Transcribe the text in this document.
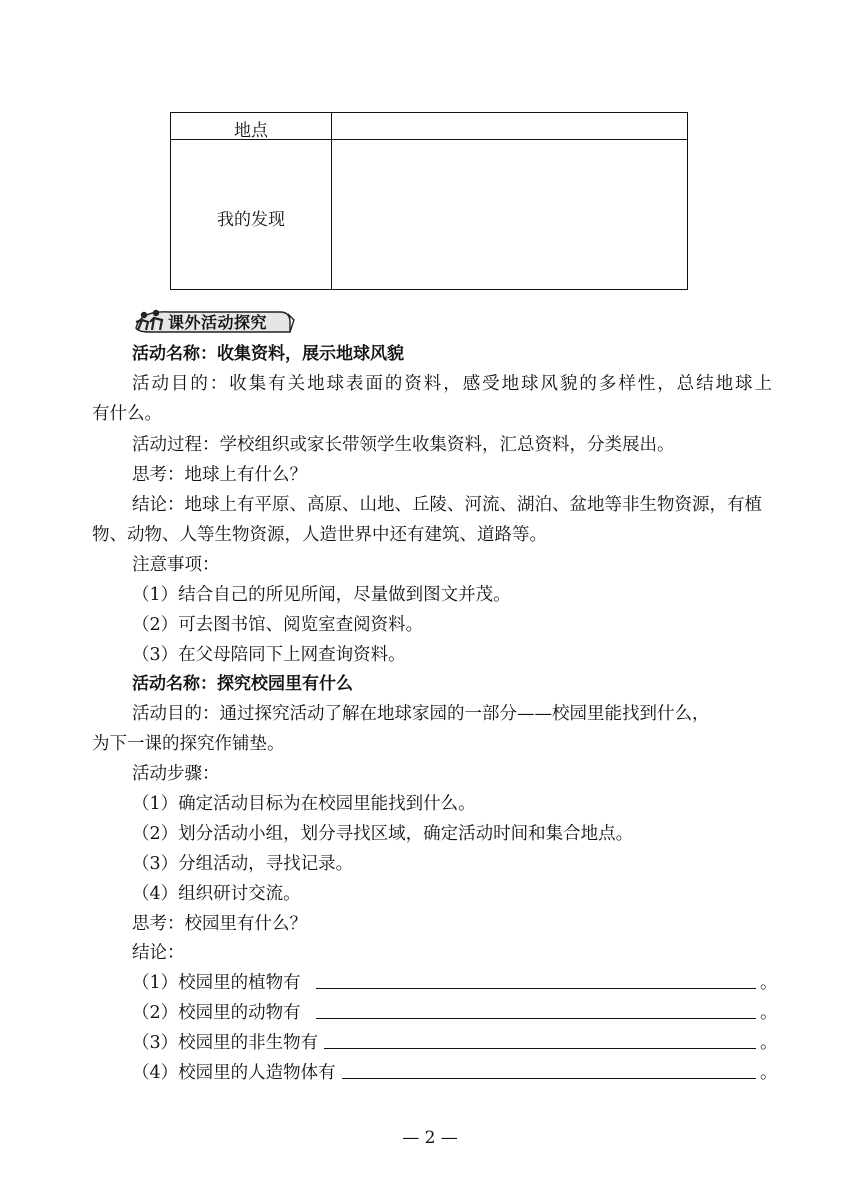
地点
我的发现
课外活动探究
活动名称：收集资料，展示地球风貌
活动目的：收集有关地球表面的资料，感受地球风貌的多样性，总结地球上
有什么。
活动过程：学校组织或家长带领学生收集资料，汇总资料，分类展出。
思考：地球上有什么？
结论：地球上有平原、高原、山地、丘陵、河流、湖泊、盆地等非生物资源，有植
物、动物、人等生物资源，人造世界中还有建筑、道路等。
注意事项：
（1）结合自己的所见所闻，尽量做到图文并茂。
（2）可去图书馆、阅览室查阅资料。
（3）在父母陪同下上网查询资料。
活动名称：探究校园里有什么
活动目的：通过探究活动了解在地球家园的一部分——校园里能找到什么，
为下一课的探究作铺垫。
活动步骤：
（1）确定活动目标为在校园里能找到什么。
（2）划分活动小组，划分寻找区域，确定活动时间和集合地点。
（3）分组活动，寻找记录。
（4）组织研讨交流。
思考：校园里有什么？
结论：
（1）校园里的植物有	。
（2）校园里的动物有	。
（3）校园里的非生物有	。
（4）校园里的人造物体有	。
— 2 —
